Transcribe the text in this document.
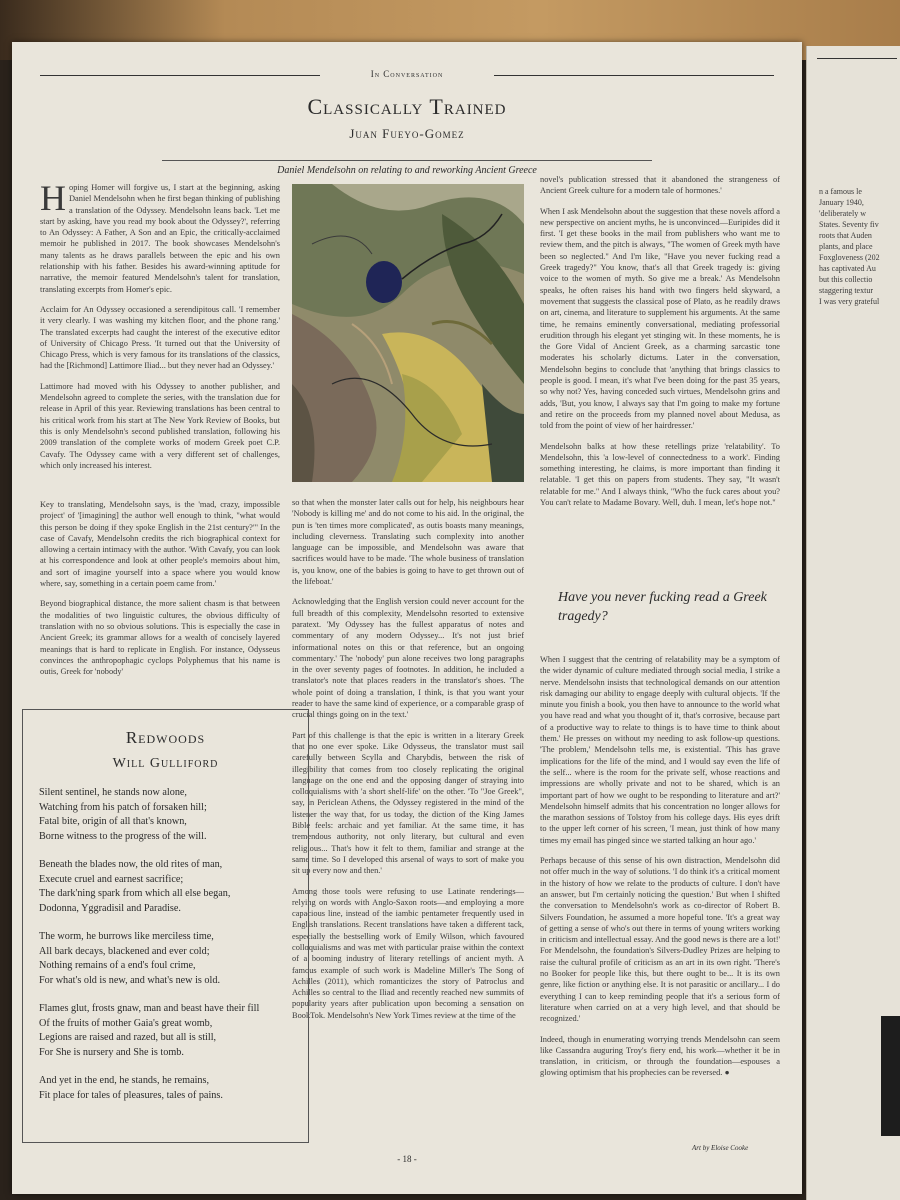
In Conversation
Classically Trained
Juan Fueyo-Gomez
Daniel Mendelsohn on relating to and reworking Ancient Greece

Hoping Homer will forgive us, I start at the beginning, asking Daniel Mendelsohn when he first began thinking of publishing a translation of the Odyssey. Mendelsohn leans back. 'Let me start by asking, have you read my book about the Odyssey?', referring to An Odyssey: A Father, A Son and an Epic, the critically-acclaimed memoir he published in 2017. The book showcases Mendelsohn's many talents as he draws parallels between the epic and his own relationship with his father. Besides his award-winning aptitude for narrative, the memoir featured Mendelsohn's talent for translation, translating excerpts from Homer's epic.

Acclaim for An Odyssey occasioned a serendipitous call. 'I remember it very clearly. I was washing my kitchen floor, and the phone rang.' The translated excerpts had caught the interest of the executive editor of University of Chicago Press. 'It turned out that the University of Chicago Press, which is very famous for its translations of the classics, had the [Richmond] Lattimore Iliad... but they never had an Odyssey.'

Lattimore had moved with his Odyssey to another publisher, and Mendelsohn agreed to complete the series, with the translation due for release in April of this year. Reviewing translations has been central to his critical work from his start at The New York Review of Books, but this is only Mendelsohn's second published translation, following his 2009 translation of the complete works of modern Greek poet C.P. Cavafy. The Odyssey came with a very different set of challenges, which only increased his interest.

Key to translating, Mendelsohn says, is the 'mad, crazy, impossible project' of '[imagining] the author well enough to think, "what would this person be doing if they spoke English in the 21st century?"' In the case of Cavafy, Mendelsohn credits the rich biographical context for allowing a certain intimacy with the author. 'With Cavafy, you can look at his correspondence and look at other people's memoirs about him, and sort of imagine yourself into a space where you would know where, say, something in a certain poem came from.'

Beyond biographical distance, the more salient chasm is that between the modalities of two linguistic cultures, the obvious difficulty of translation with no so obvious solutions. This is especially the case in Ancient Greek; its grammar allows for a wealth of concisely layered meanings that is hard to replicate in English. For instance, Odysseus convinces the anthropophagic cyclops Polyphemus that his name is outis, Greek for 'nobody'

so that when the monster later calls out for help, his neighbours hear 'Nobody is killing me' and do not come to his aid. In the original, the pun is 'ten times more complicated', as outis boasts many meanings, including cleverness. Translating such complexity into another language can be impossible, and Mendelsohn was aware that sacrifices would have to be made. 'The whole business of translation is, you know, one of the babies is going to have to get thrown out of the lifeboat.'

Acknowledging that the English version could never account for the full breadth of this complexity, Mendelsohn resorted to extensive paratext. 'My Odyssey has the fullest apparatus of notes and commentary of any modern Odyssey... It's not just brief informational notes on this or that reference, but an ongoing commentary.' The 'nobody' pun alone receives two long paragraphs in the over seventy pages of footnotes. In addition, he included a translator's note that places readers in the translator's shoes. 'The whole point of doing a translation, I think, is that you want your reader to have the same kind of experience, or a comparable grasp of crucial things going on in the text.'

Part of this challenge is that the epic is written in a literary Greek that no one ever spoke. Like Odysseus, the translator must sail carefully between Scylla and Charybdis, between the risk of illegibility that comes from too closely replicating the original language on the one end and the opposing danger of straying into colloquialisms with 'a short shelf-life' on the other. 'To "Joe Greek", say, in Periclean Athens, the Odyssey registered in the mind of the listener the way that, for us today, the diction of the King James Bible feels: archaic and yet familiar. At the same time, it has tremendous authority, not only literary, but cultural and even religious... That's how it felt to them, familiar and strange at the same time. So I developed this arsenal of ways to sort of make you sit up every now and then.'

Among those tools were refusing to use Latinate renderings—relying on words with Anglo-Saxon roots—and employing a more capacious line, instead of the iambic pentameter frequently used in English translations. Recent translations have taken a different tack, especially the bestselling work of Emily Wilson, which favoured colloquialisms and was met with particular praise within the context of a booming industry of literary retellings of ancient myth. A famous example of such work is Madeline Miller's The Song of Achilles (2011), which romanticizes the story of Patroclus and Achilles so central to the Iliad and recently reached new summits of popularity years after publication upon becoming a sensation on BookTok. Mendelsohn's New York Times review at the time of the

novel's publication stressed that it abandoned the strangeness of Ancient Greek culture for a modern tale of hormones.'

When I ask Mendelsohn about the suggestion that these novels afford a new perspective on ancient myths, he is unconvinced—Euripides did it first. 'I get these books in the mail from publishers who want me to review them, and the pitch is always, "The women of Greek myth have been so neglected." And I'm like, "Have you never fucking read a Greek tragedy?" You know, that's all that Greek tragedy is: giving voice to the women of myth. So give me a break.' As Mendelsohn speaks, he often raises his hand with two fingers held skyward, a movement that suggests the classical pose of Plato, as he readily draws on art, cinema, and literature to supplement his arguments. At the same time, he remains eminently conversational, mediating professorial erudition through his elegant yet stinging wit. In these moments, he is the Gore Vidal of Ancient Greek, as a charming sarcastic tone moderates his scholarly dictums. Later in the conversation, Mendelsohn begins to conclude that 'anything that brings classics to people is good. I mean, it's what I've been doing for the past 35 years, so why not? Yes, having conceded such virtues, Mendelsohn grins and adds, 'But, you know, I always say that I'm going to make my fortune and retire on the proceeds from my planned novel about Medusa, as told from the point of view of her hairdresser.'

Mendelsohn balks at how these retellings prize 'relatability'. To Mendelsohn, this 'a low-level of connectedness to a work'. Finding something interesting, he claims, is more important than finding it relatable. 'I get this on papers from students. They say, "It wasn't relatable for me." And I always think, "Who the fuck cares about you? You can't relate to Madame Bovary. Well, duh. I mean, let's hope not."

Have you never fucking read a Greek tragedy?

When I suggest that the centring of relatability may be a symptom of the wider dynamic of culture mediated through social media, I strike a nerve. Mendelsohn insists that technological demands on our attention risk damaging our ability to engage deeply with cultural objects. 'If the minute you finish a book, you then have to announce to the world what you have read and what you thought of it, that's corrosive, because part of a productive way to relate to things is to have time to think about them.' He presses on without my needing to ask follow-up questions. 'The problem,' Mendelsohn tells me, is existential. 'This has grave implications for the life of the mind, and I would say even the life of the self... where is the room for the private self, whose reactions and impressions are wholly private and not to be shared, which is an important part of how we ought to be responding to literature and art?' Mendelsohn himself admits that his concentration no longer allows for the marathon sessions of Tolstoy from his college days. His eyes drift to the upper left corner of his screen, 'I mean, just think of how many times my email has pinged since we started talking an hour ago.'

Perhaps because of this sense of his own distraction, Mendelsohn did not offer much in the way of solutions. 'I do think it's a critical moment in the history of how we relate to the products of culture. I don't have an answer, but I'm certainly noticing the question.' But when I shifted the conversation to Mendelsohn's work as co-director of Robert B. Silvers Foundation, he assumed a more hopeful tone. 'It's a great way of getting a sense of who's out there in terms of young writers working in criticism and intellectual essay. And the good news is there are a lot!' For Mendelsohn, the foundation's Silvers-Dudley Prizes are helping to raise the cultural profile of criticism as an art in its own right. 'There's no Booker for people like this, but there ought to be... It is its own genre, like fiction or anything else. It is not parasitic or ancillary... I do everything I can to keep reminding people that it's a serious form of literature when carried on at a very high level, and that should be recognized.'

Indeed, though in enumerating worrying trends Mendelsohn can seem like Cassandra auguring Troy's fiery end, his work—whether it be in translation, in criticism, or through the foundation—espouses a glowing optimism that his prophecies can be reversed. ●

Redwoods
Will Gulliford
Silent sentinel, he stands now alone,
Watching from his patch of forsaken hill;
Fatal bite, origin of all that's known,
Borne witness to the progress of the will.
Beneath the blades now, the old rites of man,
Execute cruel and earnest sacrifice;
The dark'ning spark from which all else began,
Dodonna, Yggradisil and Paradise.
The worm, he burrows like merciless time,
All bark decays, blackened and ever cold;
Nothing remains of a end's foul crime,
For what's old is new, and what's new is old.
Flames glut, frosts gnaw, man and beast have their fill
Of the fruits of mother Gaia's great womb,
Legions are raised and razed, but all is still,
For She is nursery and She is tomb.
And yet in the end, he stands, he remains,
Fit place for tales of pleasures, tales of pains.
Art by Eloise Cooke
- 18 -

n a famous le
January 1940,
'deliberately w
States. Seventy fiv
roots that Auden
plants, and place
Foxgloveness (202
has captivated Au
but this collectio
staggering textur
I was very grateful
